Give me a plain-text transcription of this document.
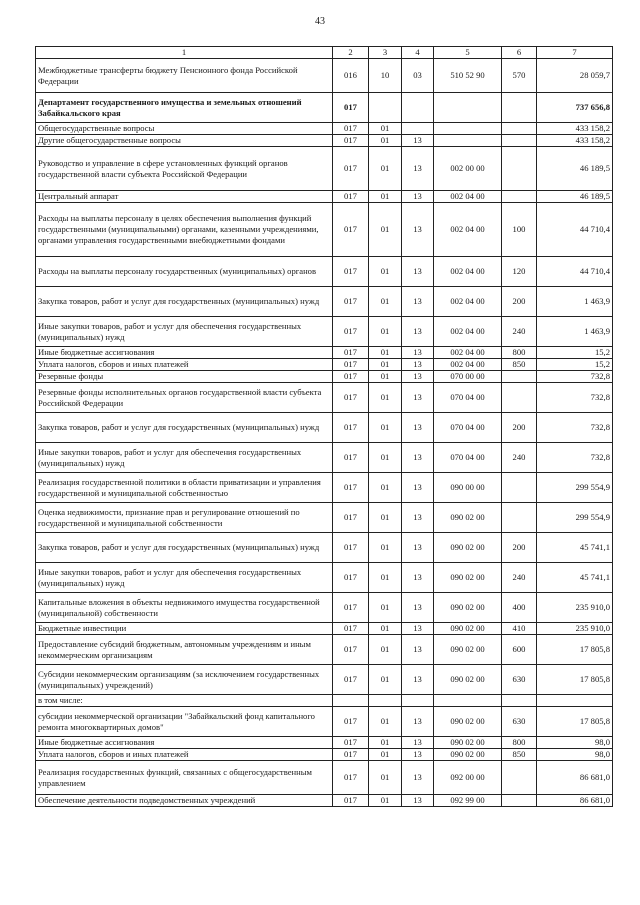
43
1	2	3	4	5	6	7
Межбюджетные трансферты бюджету Пенсионного фонда Российской Федерации	016	10	03	510 52 90	570	28 059,7
Департамент государственного имущества и земельных отношений Забайкальского края	017					737 656,8
Общегосударственные вопросы	017	01				433 158,2
Другие общегосударственные вопросы	017	01	13			433 158,2
Руководство и управление в сфере установленных функций органов государственной власти субъекта Российской Федерации	017	01	13	002 00 00		46 189,5
Центральный аппарат	017	01	13	002 04 00		46 189,5
Расходы на выплаты персоналу в целях обеспечения выполнения функций государственными (муниципальными) органами, казенными учреждениями, органами управления государственными внебюджетными фондами	017	01	13	002 04 00	100	44 710,4
Расходы на выплаты персоналу государственных (муниципальных) органов	017	01	13	002 04 00	120	44 710,4
Закупка товаров, работ и услуг для государственных (муниципальных) нужд	017	01	13	002 04 00	200	1 463,9
Иные закупки товаров, работ и услуг для обеспечения государственных (муниципальных) нужд	017	01	13	002 04 00	240	1 463,9
Иные бюджетные ассигнования	017	01	13	002 04 00	800	15,2
Уплата налогов, сборов и иных платежей	017	01	13	002 04 00	850	15,2
Резервные фонды	017	01	13	070 00 00		732,8
Резервные фонды исполнительных органов государственной власти субъекта Российской Федерации	017	01	13	070 04 00		732,8
Закупка товаров, работ и услуг для государственных (муниципальных) нужд	017	01	13	070 04 00	200	732,8
Иные закупки товаров, работ и услуг для обеспечения государственных (муниципальных) нужд	017	01	13	070 04 00	240	732,8
Реализация государственной политики в области приватизации и управления государственной и муниципальной собственностью	017	01	13	090 00 00		299 554,9
Оценка недвижимости, признание прав и регулирование отношений по государственной и муниципальной собственности	017	01	13	090 02 00		299 554,9
Закупка товаров, работ и услуг для государственных (муниципальных) нужд	017	01	13	090 02 00	200	45 741,1
Иные закупки товаров, работ и услуг для обеспечения государственных (муниципальных) нужд	017	01	13	090 02 00	240	45 741,1
Капитальные вложения в объекты недвижимого имущества государственной (муниципальной) собственности	017	01	13	090 02 00	400	235 910,0
Бюджетные инвестиции	017	01	13	090 02 00	410	235 910,0
Предоставление субсидий бюджетным, автономным учреждениям и иным некоммерческим организациям	017	01	13	090 02 00	600	17 805,8
Субсидии некоммерческим организациям (за исключением государственных (муниципальных) учреждений)	017	01	13	090 02 00	630	17 805,8
в том числе:						
субсидии некоммерческой организации "Забайкальский фонд капитального ремонта многоквартирных домов"	017	01	13	090 02 00	630	17 805,8
Иные бюджетные ассигнования	017	01	13	090 02 00	800	98,0
Уплата налогов, сборов и иных платежей	017	01	13	090 02 00	850	98,0
Реализация государственных функций, связанных с общегосударственным управлением	017	01	13	092 00 00		86 681,0
Обеспечение деятельности подведомственных учреждений	017	01	13	092 99 00		86 681,0
